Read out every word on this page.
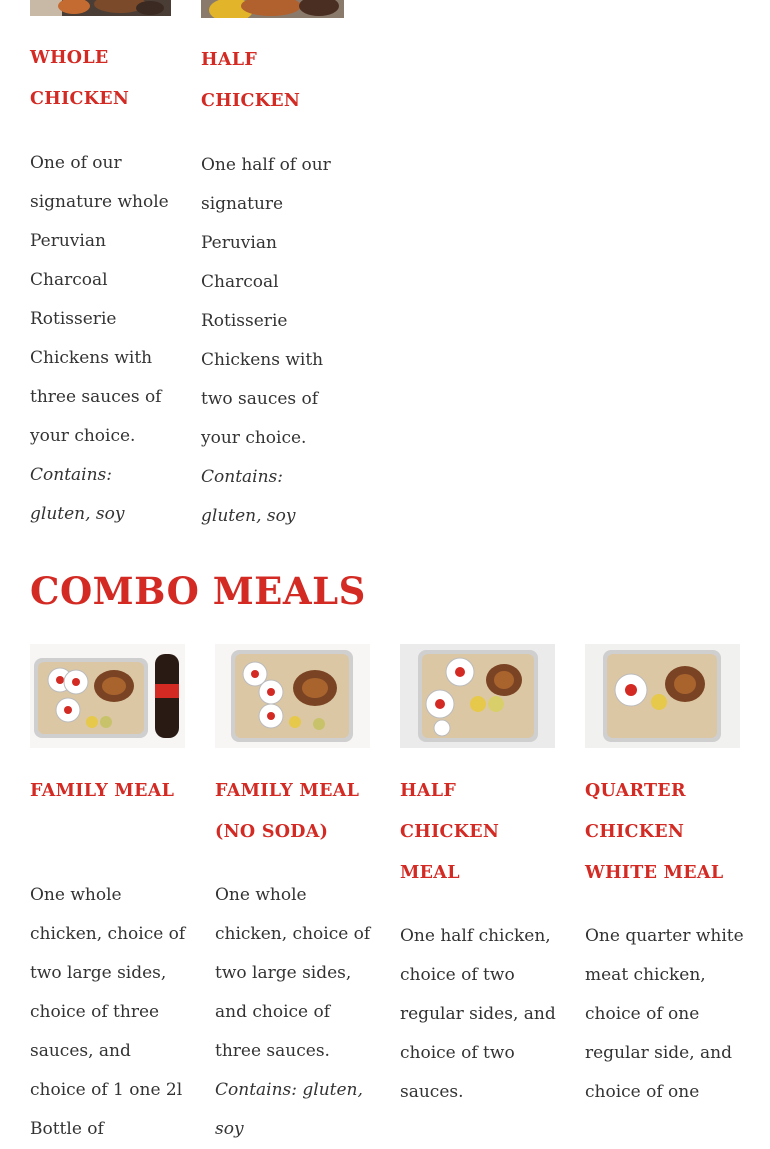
WHOLE CHICKEN

One of our signature whole Peruvian Charcoal Rotisserie Chickens with three sauces of your choice.

Contains: gluten, soy

HALF CHICKEN

One half of our signature Peruvian Charcoal Rotisserie Chickens with two sauces of your choice.

Contains: gluten, soy

COMBO MEALS
FAMILY MEAL

One whole chicken, choice of two large sides, choice of three sauces, and choice of 1 one 2l Bottle of

FAMILY MEAL (NO SODA)

One whole chicken, choice of two large sides, and choice of three sauces.

Contains: gluten, soy

HALF CHICKEN MEAL

One half chicken, choice of two regular sides, and choice of two sauces.

QUARTER CHICKEN WHITE MEAL

One quarter white meat chicken, choice of one regular side, and choice of one
